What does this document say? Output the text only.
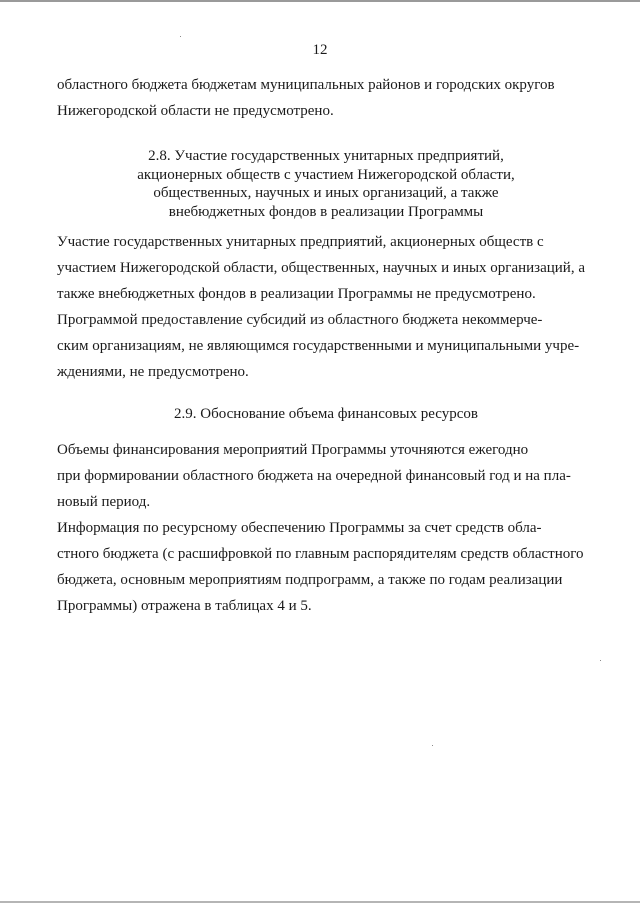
12

областного бюджета бюджетам муниципальных районов и городских округов
Нижегородской области не предусмотрено.

2.8. Участие государственных унитарных предприятий,
акционерных обществ с участием Нижегородской области,
общественных, научных и иных организаций, а также
внебюджетных фондов в реализации Программы

Участие государственных унитарных предприятий, акционерных обществ с
участием Нижегородской области, общественных, научных и иных организаций, а
также внебюджетных фондов в реализации Программы не предусмотрено.

Программой предоставление субсидий из областного бюджета некоммерче-
ским организациям, не являющимся государственными и муниципальными учре-
ждениями, не предусмотрено.

2.9. Обоснование объема финансовых ресурсов

Объемы финансирования мероприятий Программы уточняются ежегодно
при формировании областного бюджета на очередной финансовый год и на пла-
новый период.

Информация по ресурсному обеспечению Программы за счет средств обла-
стного бюджета (с расшифровкой по главным распорядителям средств областного
бюджета, основным мероприятиям подпрограмм, а также по годам реализации
Программы) отражена в таблицах 4 и 5.
